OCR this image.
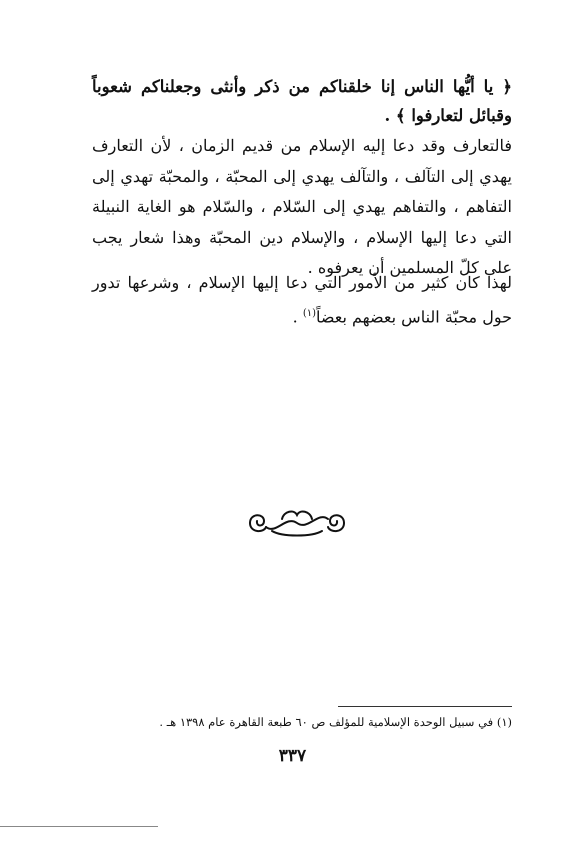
﴿ يا أيُّها الناس إنا خلقناكم من ذكر وأنثى وجعلناكم شعوباً وقبائل لتعارفوا ﴾ .
فالتعارف وقد دعا إليه الإسلام من قديم الزمان ، لأن التعارف يهدي إلى التآلف ، والتآلف يهدي إلى المحبّة ، والمحبّة تهدي إلى التفاهم ، والتفاهم يهدي إلى السّلام ، والسّلام هو الغاية النبيلة التي دعا إليها الإسلام ، والإسلام دين المحبّة وهذا شعار يجب على كلّ المسلمين أن يعرفوه .
لهذا كان كثير من الأمور التي دعا إليها الإسلام ، وشرعها تدور حول محبّة الناس بعضهم بعضاً$^{(١)}$ .
(١) في سبيل الوحدة الإسلامية للمؤلف ص ٦٠ طبعة القاهرة عام ١٣٩٨ هـ .
٣٣٧
